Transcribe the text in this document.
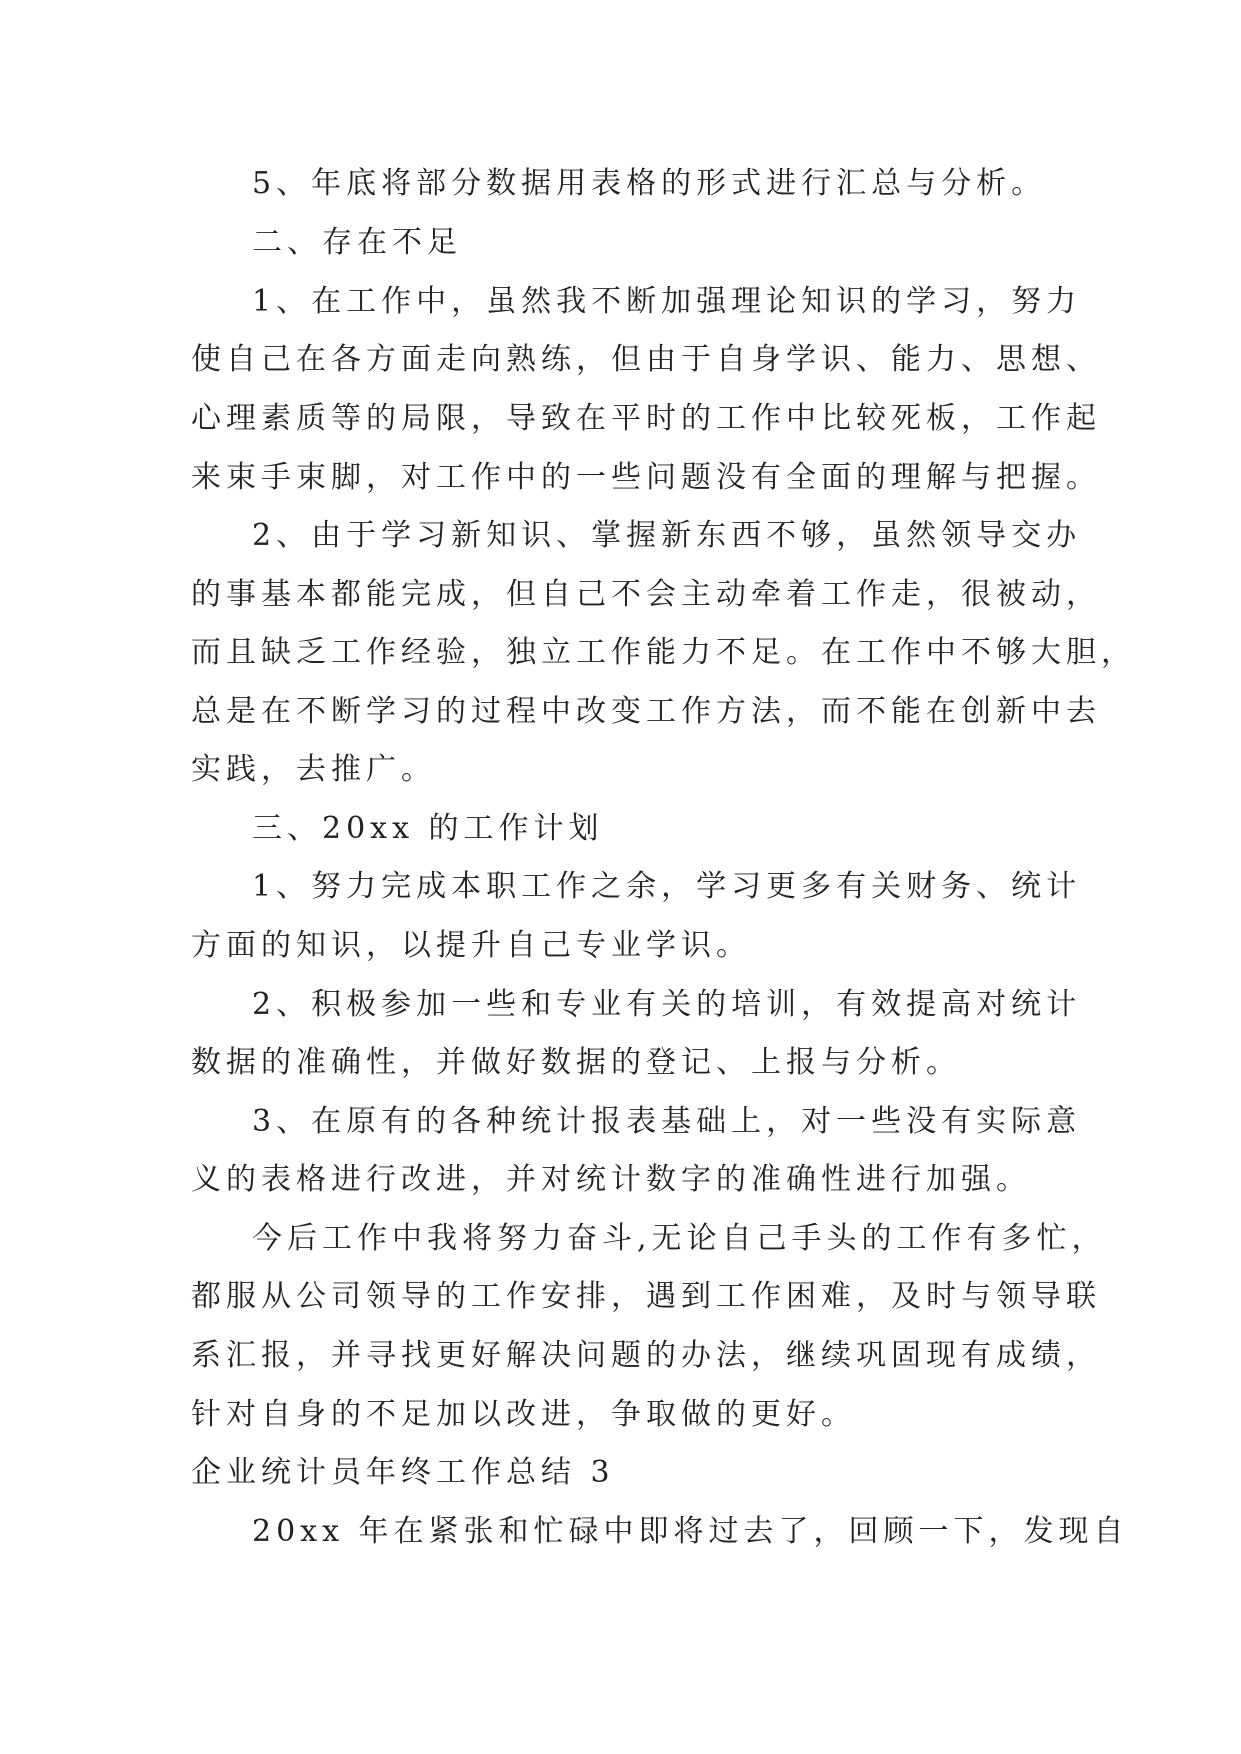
5、年底将部分数据用表格的形式进行汇总与分析。
二、存在不足
1、在工作中，虽然我不断加强理论知识的学习，努力
使自己在各方面走向熟练，但由于自身学识、能力、思想、
心理素质等的局限，导致在平时的工作中比较死板，工作起
来束手束脚，对工作中的一些问题没有全面的理解与把握。
2、由于学习新知识、掌握新东西不够，虽然领导交办
的事基本都能完成，但自己不会主动牵着工作走，很被动，
而且缺乏工作经验，独立工作能力不足。在工作中不够大胆，
总是在不断学习的过程中改变工作方法，而不能在创新中去
实践，去推广。
三、20xx 的工作计划
1、努力完成本职工作之余，学习更多有关财务、统计
方面的知识，以提升自己专业学识。
2、积极参加一些和专业有关的培训，有效提高对统计
数据的准确性，并做好数据的登记、上报与分析。
3、在原有的各种统计报表基础上，对一些没有实际意
义的表格进行改进，并对统计数字的准确性进行加强。
今后工作中我将努力奋斗,无论自己手头的工作有多忙，
都服从公司领导的工作安排，遇到工作困难，及时与领导联
系汇报，并寻找更好解决问题的办法，继续巩固现有成绩，
针对自身的不足加以改进，争取做的更好。
企业统计员年终工作总结 3
20xx 年在紧张和忙碌中即将过去了，回顾一下，发现自
